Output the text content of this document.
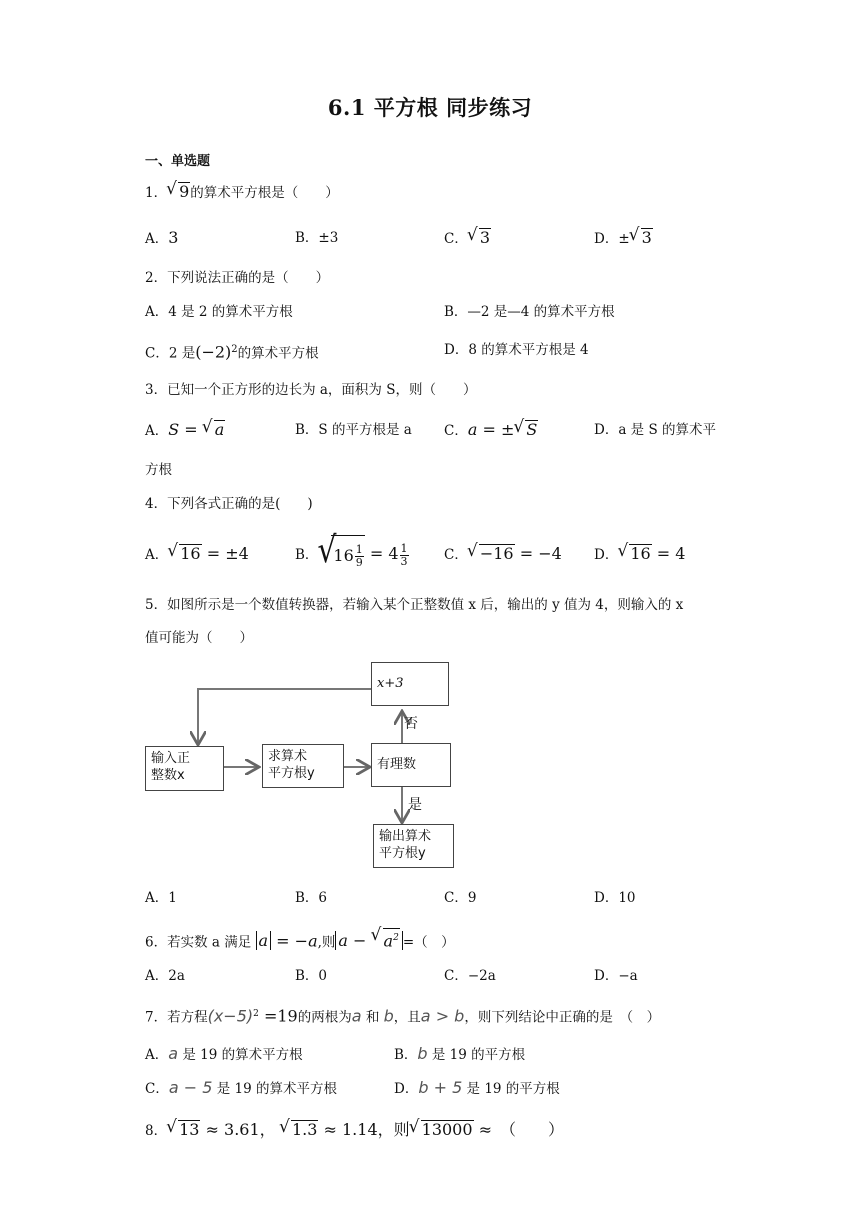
6.1 平方根 同步练习
一、单选题
1． √ 9的算术平方根是（　　）
A．3	B．±3	C． √ 3	D．± √ 3
2．下列说法正确的是（　　）
A．4 是 2 的算术平方根	B．—2 是—4 的算术平方根
C．2 是$(-2)^2$的算术平方根	D．8 的算术平方根是 4
3．已知一个正方形的边长为 a，面积为 S，则（　　）
A．S = √ a	B．S 的平方根是 a C．a = ± √ S	D．a 是 S 的算术平
方根
4．下列各式正确的是(　　)
A． √ 16 = ±4	B． √ $16 \frac{1}{9} = 4 \frac{1}{3}$	C． √ −16 = −4 D． √ 16 = 4
5．如图所示是一个数值转换器，若输入某个正整数值 x 后，输出的 y 值为 4，则输入的 x
值可能为（　　）
x+3
否
输入正
整数x
求算术
平方根y
有理数
是
输出算术
平方根y
A．1	B．6	C．9	D．10
6．若实数 a 满足 a = −a,则 a − √ $a^2$ =（　）
A．2a	B．0	C．−2a	D．−a
7．若方程$(x-5)^2 =19$的两根为a 和 b，且a > b，则下列结论中正确的是　（　）
A．a 是 19 的算术平方根	B．b 是 19 的平方根
C．a − 5 是 19 的算术平方根	D．b + 5 是 19 的平方根
8． √ 13 ≈ 3.61， √ 1.3 ≈ 1.14，则 √ 13000 ≈　（　　）
